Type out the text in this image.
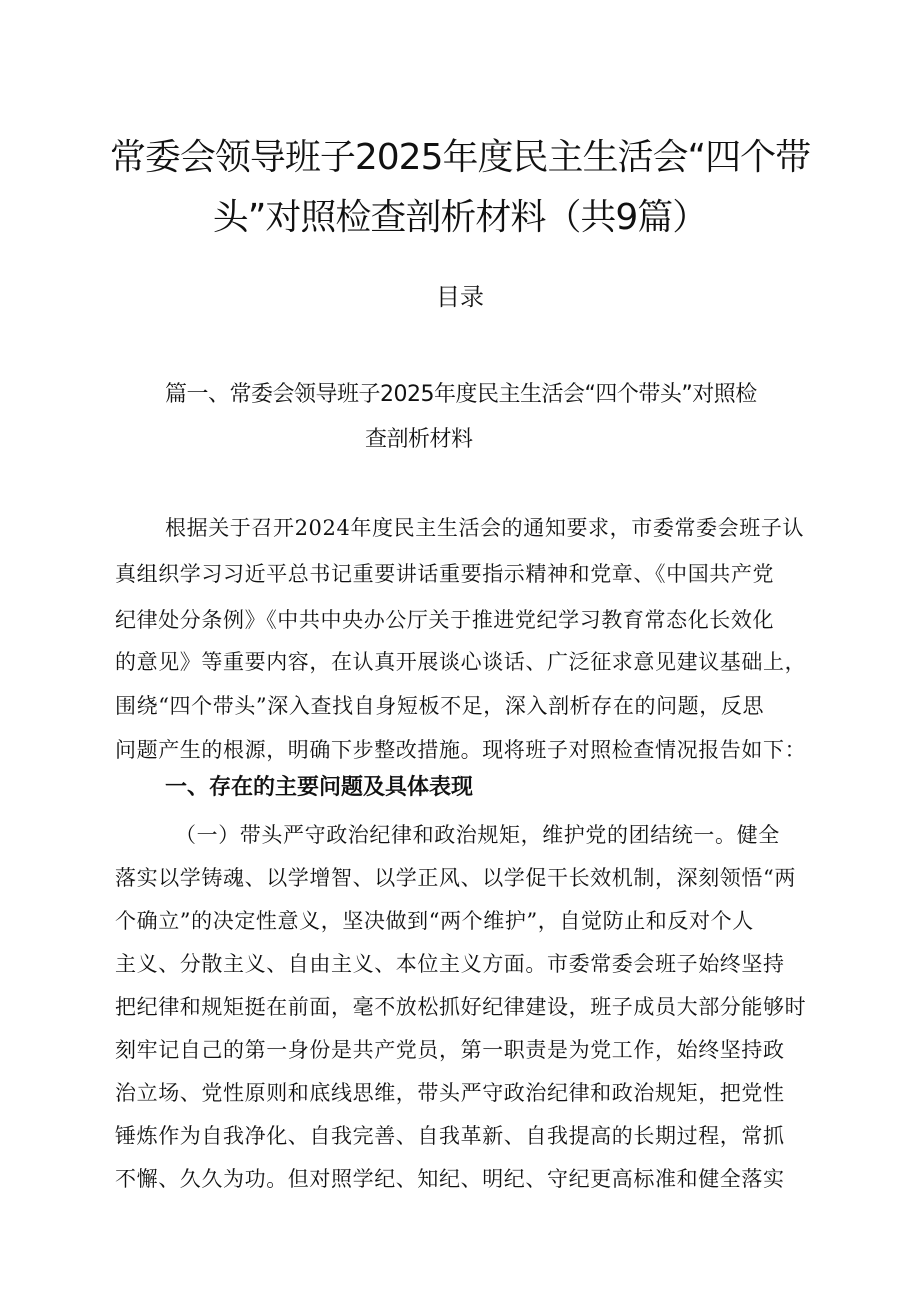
常委会领导班子2025年度民主生活会“四个带
头”对照检查剖析材料（共9篇）
目录

篇一、常委会领导班子2025年度民主生活会“四个带头”对照检

查剖析材料

根据关于召开2024年度民主生活会的通知要求，市委常委会班子认
真组织学习习近平总书记重要讲话重要指示精神和党章、《中国共产党
纪律处分条例》《中共中央办公厅关于推进党纪学习教育常态化长效化
的意见》等重要内容，在认真开展谈心谈话、广泛征求意见建议基础上，
围绕“四个带头”深入查找自身短板不足，深入剖析存在的问题，反思
问题产生的根源，明确下步整改措施。现将班子对照检查情况报告如下：
一、存在的主要问题及具体表现
（一）带头严守政治纪律和政治规矩，维护党的团结统一。健全
落实以学铸魂、以学增智、以学正风、以学促干长效机制，深刻领悟“两
个确立”的决定性意义，坚决做到“两个维护”，自觉防止和反对个人
主义、分散主义、自由主义、本位主义方面。市委常委会班子始终坚持
把纪律和规矩挺在前面，毫不放松抓好纪律建设，班子成员大部分能够时
刻牢记自己的第一身份是共产党员，第一职责是为党工作，始终坚持政
治立场、党性原则和底线思维，带头严守政治纪律和政治规矩，把党性
锤炼作为自我净化、自我完善、自我革新、自我提高的长期过程，常抓
不懈、久久为功。但对照学纪、知纪、明纪、守纪更高标准和健全落实
